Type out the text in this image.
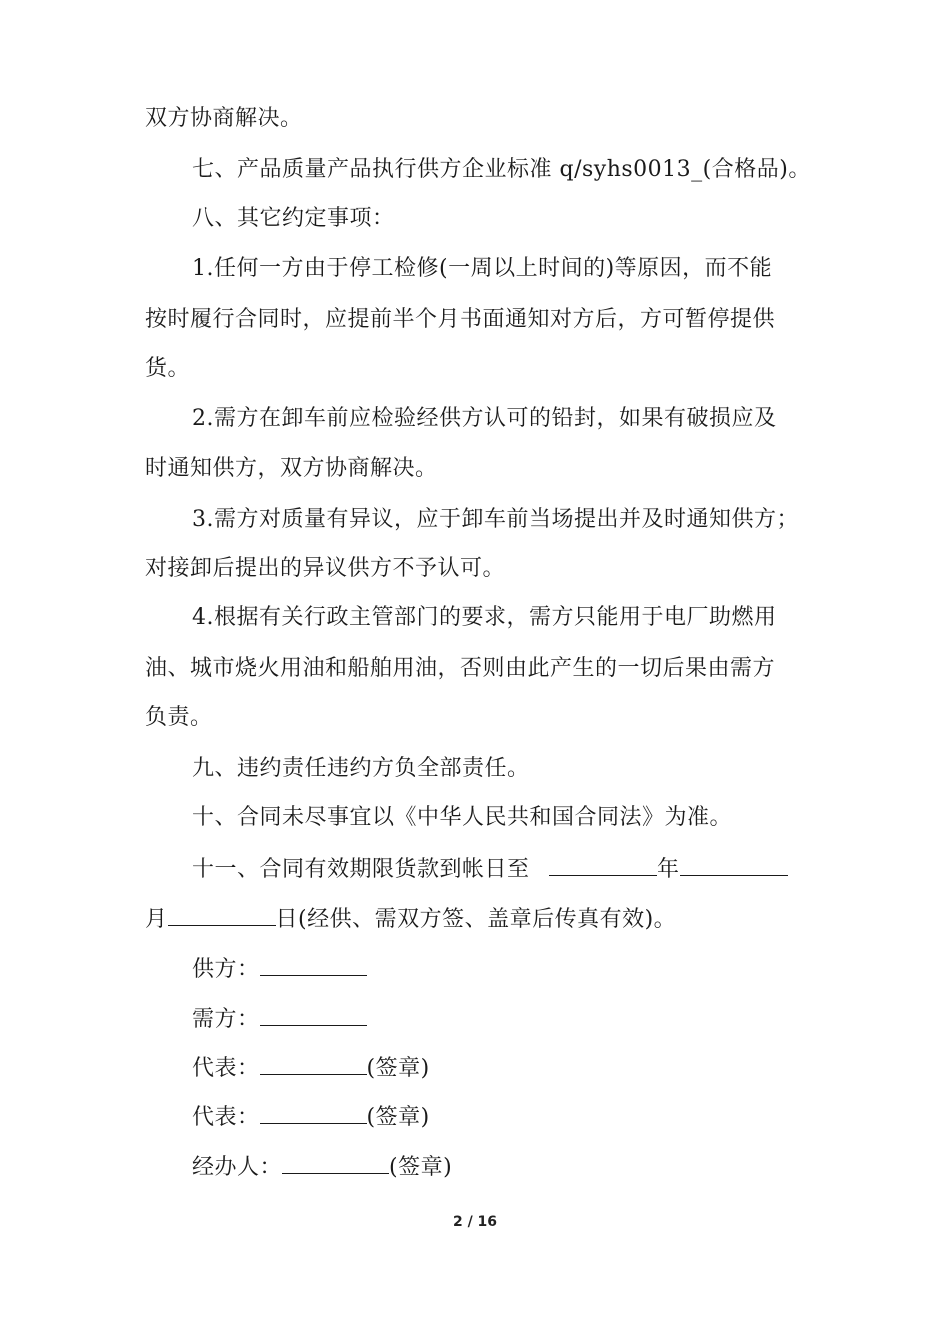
双方协商解决。
七、产品质量产品执行供方企业标准 q/syhs0013_(合格品)。
八、其它约定事项：
1.任何一方由于停工检修(一周以上时间的)等原因，而不能
按时履行合同时，应提前半个月书面通知对方后，方可暂停提供
货。
2.需方在卸车前应检验经供方认可的铅封，如果有破损应及
时通知供方，双方协商解决。
3.需方对质量有异议，应于卸车前当场提出并及时通知供方；
对接卸后提出的异议供方不予认可。
4.根据有关行政主管部门的要求，需方只能用于电厂助燃用
油、城市烧火用油和船舶用油，否则由此产生的一切后果由需方
负责。
九、违约责任违约方负全部责任。
十、合同未尽事宜以《中华人民共和国合同法》为准。
十一、合同有效期限货款到帐日至	年
月	日(经供、需双方签、盖章后传真有效)。
供方：
需方：
代表：	(签章)
代表：	(签章)
经办人：	(签章)
2 / 16
